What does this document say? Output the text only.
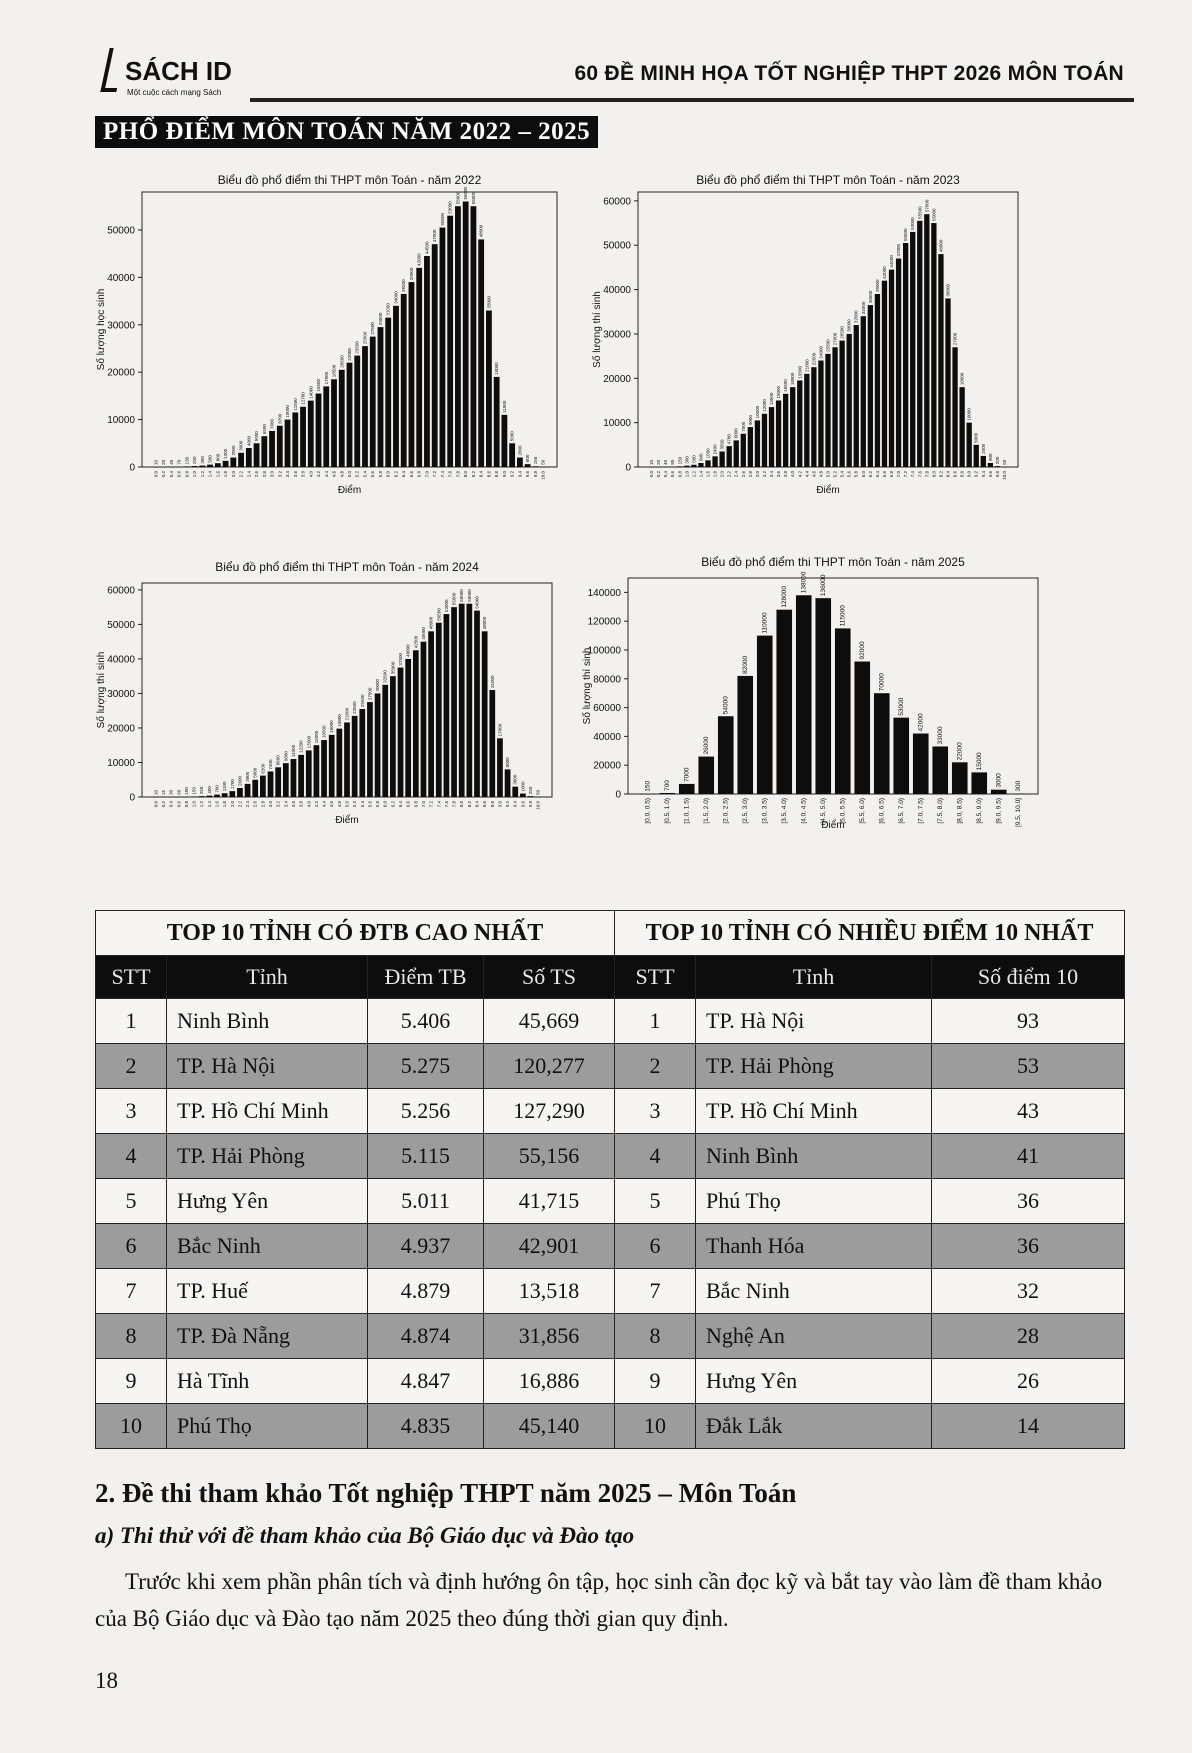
SÁCH ID
Một cuộc cách mạng Sách
60 ĐỀ MINH HỌA TỐT NGHIỆP THPT 2026 MÔN TOÁN
PHỔ ĐIỂM MÔN TOÁN NĂM 2022 – 2025
Biểu đồ phổ điểm thi THPT môn Toán - năm 2022
0
10000
20000
30000
40000
50000
Số lượng học sinh
10
0.0
20
0.2
40
0.4
70
0.6
130
0.8
200
1.0
300
1.2
500
1.4
800
1.6
1300
1.8
2000
2.0
3000
2.2
4000
2.4
5000
2.6
6500
2.8
7600
3.0
8700
3.2
10000
3.4
11500
3.6
12700
3.8
14000
4.0
15500
4.2
17000
4.4
18500
4.6
20500
4.8
22000
5.0
23500
5.2
25500
5.4
27500
5.6
29500
5.8
31500
6.0
34000
6.2
36500
6.4
39000
6.6
42000
6.8
44500
7.0
47000
7.2
50500
7.4
53000
7.6
55000
7.8
56000
8.0
55000
8.2
48000
8.4
33000
8.6
19000
8.8
11000
9.0
5000
9.2
2000
9.4
600
9.6
150
9.8
50
10.0
Điểm
Biểu đồ phổ điểm thi THPT môn Toán - năm 2023
0
10000
20000
30000
40000
50000
60000
Số lượng thí sinh
10
0.0
20
0.2
40
0.4
80
0.6
150
0.8
300
1.0
500
1.2
900
1.4
1500
1.6
2400
1.8
3500
2.0
4700
2.2
6000
2.4
7500
2.6
9000
2.8
10500
3.0
12000
3.2
13500
3.4
15000
3.6
16500
3.8
18000
4.0
19500
4.2
21000
4.4
22500
4.6
24000
4.8
25500
5.0
27000
5.2
28500
5.4
30000
5.6
32000
5.8
34000
6.0
36500
6.2
39000
6.4
42000
6.6
44500
6.8
47000
7.0
50500
7.2
53000
7.4
55500
7.6
57000
7.8
55000
8.0
48000
8.2
38000
8.4
27000
8.6
18000
8.8
10000
9.0
5000
9.2
2500
9.4
900
9.6
200
9.8
50
10.0
Điểm
Biểu đồ phổ điểm thi THPT môn Toán - năm 2024
0
10000
20000
30000
40000
50000
60000
Số lượng thí sinh
10
0.0
15
0.2
30
0.4
60
0.6
100
0.8
150
1.0
250
1.2
400
1.4
700
1.6
1100
1.8
1700
2.0
2600
2.2
3800
2.4
5000
2.6
6200
2.8
7400
3.0
8600
3.2
9800
3.4
11000
3.6
12200
3.8
13500
4.0
15000
4.2
16500
4.4
18000
4.6
19800
4.8
21600
5.0
23500
5.2
25500
5.4
27500
5.6
30000
5.8
32500
6.0
35000
6.2
37500
6.4
40000
6.6
42500
6.8
45000
7.0
48000
7.2
50500
7.4
53000
7.6
55000
7.8
56000
8.0
56000
8.2
54000
8.4
48000
8.6
31000
8.8
17000
9.0
8000
9.2
3000
9.4
1000
9.6
250
9.8
50
10.0
Điểm
Biểu đồ phổ điểm thi THPT môn Toán - năm 2025
0
20000
40000
60000
80000
100000
120000
140000
Số lượng thí sinh
150
[0.0, 0.5)
700
[0.5, 1.0)
7000
[1.0, 1.5)
26000
[1.5, 2.0)
54000
[2.0, 2.5)
82000
[2.5, 3.0)
110000
[3.0, 3.5)
128000
[3.5, 4.0)
138000
[4.0, 4.5)
136000
[4.5, 5.0)
115000
[5.0, 5.5)
92000
[5.5, 6.0)
70000
[6.0, 6.5)
53000
[6.5, 7.0)
42000
[7.0, 7.5)
33000
[7.5, 8.0)
22000
[8.0, 8.5)
15000
[8.5, 9.0)
3000
[9.0, 9.5)
300
[9.5, 10.0]
Điểm
TOP 10 TỈNH CÓ ĐTB CAO NHẤT				TOP 10 TỈNH CÓ NHIỀU ĐIỂM 10 NHẤT		
STT	Tỉnh	Điểm TB	Số TS	STT	Tỉnh	Số điểm 10
1	Ninh Bình	5.406	45,669	1	TP. Hà Nội	93
2	TP. Hà Nội	5.275	120,277	2	TP. Hải Phòng	53
3	TP. Hồ Chí Minh	5.256	127,290	3	TP. Hồ Chí Minh	43
4	TP. Hải Phòng	5.115	55,156	4	Ninh Bình	41
5	Hưng Yên	5.011	41,715	5	Phú Thọ	36
6	Bắc Ninh	4.937	42,901	6	Thanh Hóa	36
7	TP. Huế	4.879	13,518	7	Bắc Ninh	32
8	TP. Đà Nẵng	4.874	31,856	8	Nghệ An	28
9	Hà Tĩnh	4.847	16,886	9	Hưng Yên	26
10	Phú Thọ	4.835	45,140	10	Đắk Lắk	14
2. Đề thi tham khảo Tốt nghiệp THPT năm 2025 – Môn Toán
a) Thi thử với đề tham khảo của Bộ Giáo dục và Đào tạo
Trước khi xem phần phân tích và định hướng ôn tập, học sinh cần đọc kỹ và bắt tay vào làm đề tham khảo của Bộ Giáo dục và Đào tạo năm 2025 theo đúng thời gian quy định.
18
